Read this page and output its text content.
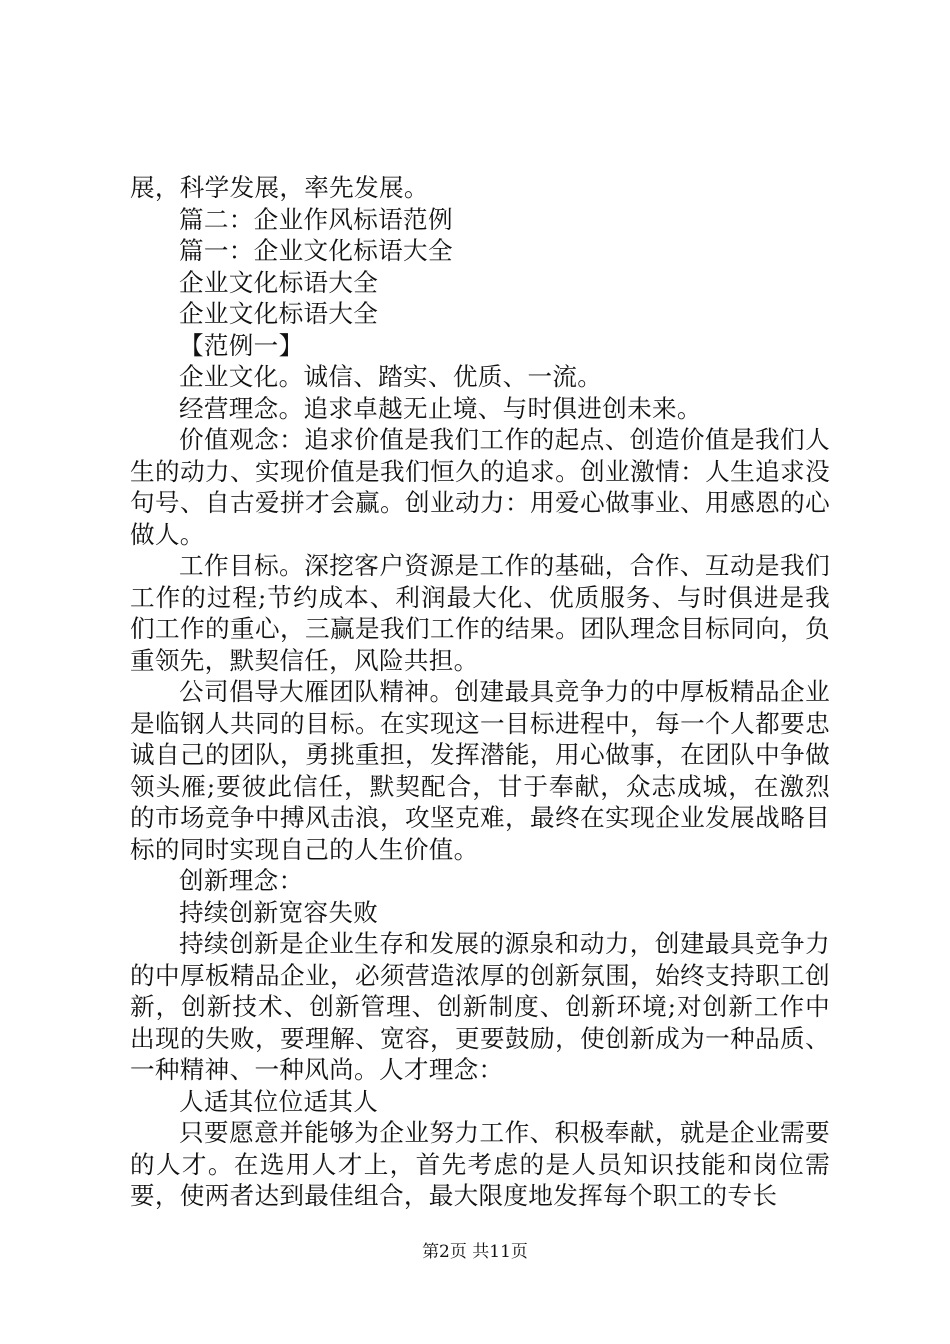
展，科学发展，率先发展。

篇二：企业作风标语范例

篇一：企业文化标语大全

企业文化标语大全

企业文化标语大全

【范例一】

企业文化。诚信、踏实、优质、一流。

经营理念。追求卓越无止境、与时俱进创未来。

价值观念：追求价值是我们工作的起点、创造价值是我们人生的动力、实现价值是我们恒久的追求。创业激情：人生追求没句号、自古爱拼才会赢。创业动力：用爱心做事业、用感恩的心做人。

工作目标。深挖客户资源是工作的基础，合作、互动是我们工作的过程;节约成本、利润最大化、优质服务、与时俱进是我们工作的重心，三赢是我们工作的结果。团队理念目标同向，负重领先，默契信任，风险共担。

公司倡导大雁团队精神。创建最具竞争力的中厚板精品企业是临钢人共同的目标。在实现这一目标进程中，每一个人都要忠诚自己的团队，勇挑重担，发挥潜能，用心做事，在团队中争做领头雁;要彼此信任，默契配合，甘于奉献，众志成城，在激烈的市场竞争中搏风击浪，攻坚克难，最终在实现企业发展战略目标的同时实现自己的人生价值。

创新理念：

持续创新宽容失败

持续创新是企业生存和发展的源泉和动力，创建最具竞争力的中厚板精品企业，必须营造浓厚的创新氛围，始终支持职工创新，创新技术、创新管理、创新制度、创新环境;对创新工作中出现的失败，要理解、宽容，更要鼓励，使创新成为一种品质、一种精神、一种风尚。人才理念：

人适其位位适其人

只要愿意并能够为企业努力工作、积极奉献，就是企业需要的人才。在选用人才上，首先考虑的是人员知识技能和岗位需要，使两者达到最佳组合，最大限度地发挥每个职工的专长

第2页 共11页
